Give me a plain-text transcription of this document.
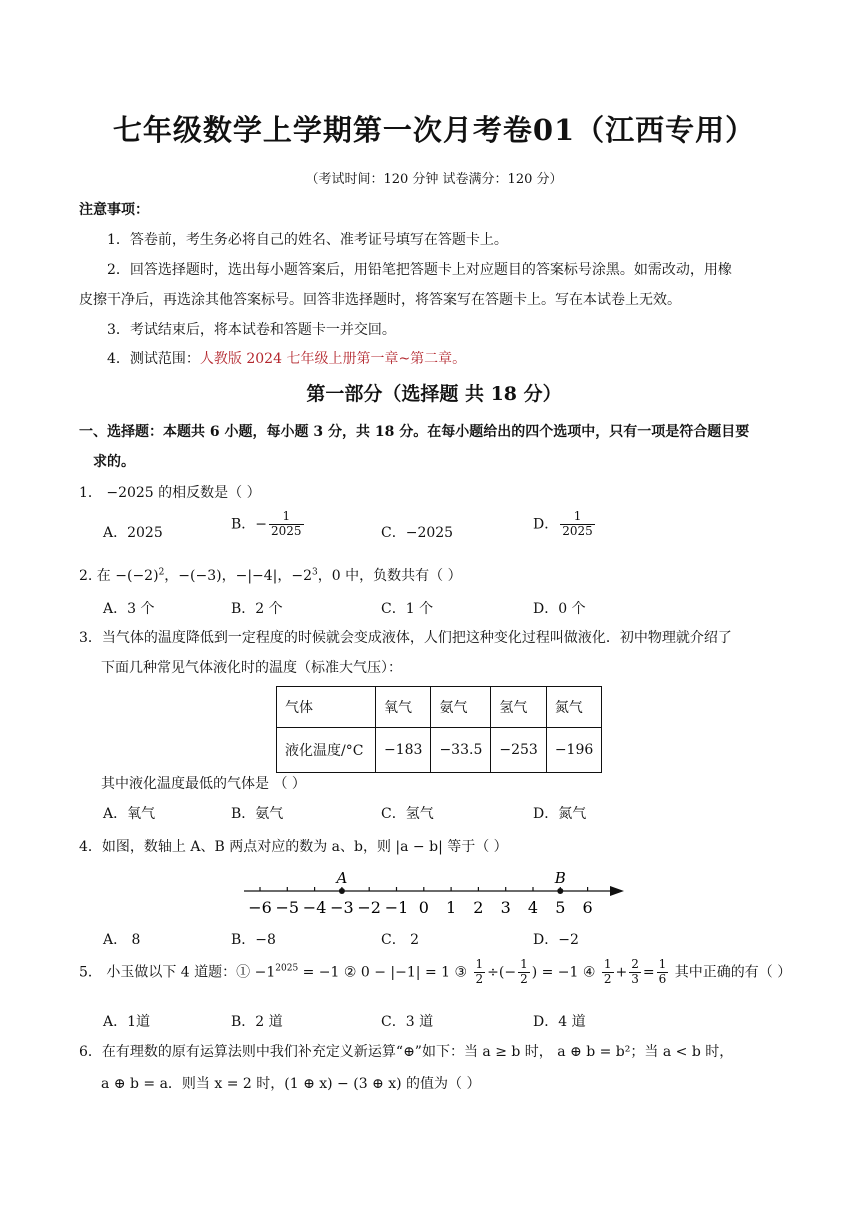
七年级数学上学期第一次月考卷01（江西专用）
（考试时间：120 分钟 试卷满分：120 分）
注意事项：
1．答卷前，考生务必将自己的姓名、准考证号填写在答题卡上。
2．回答选择题时，选出每小题答案后，用铅笔把答题卡上对应题目的答案标号涂黑。如需改动，用橡
皮擦干净后，再选涂其他答案标号。回答非选择题时，将答案写在答题卡上。写在本试卷上无效。
3．考试结束后，将本试卷和答题卡一并交回。
4．测试范围：人教版 2024 七年级上册第一章~第二章。
第一部分（选择题 共 18 分）
一、选择题：本题共 6 小题，每小题 3 分，共 18 分。在每小题给出的四个选项中，只有一项是符合题目要
求的。
1． −2025 的相反数是（ ）
A．2025
B．− $\frac{1}{2025}$	C．−2025
D． $\frac{1}{2025}$
2. 在 $-(-2)^2$，−(−3)，−|−4|，$-2^3$，0 中，负数共有（ ）
A．3 个	B．2 个	C．1 个	D．0 个
3．当气体的温度降低到一定程度的时候就会变成液体，人们把这种变化过程叫做液化．初中物理就介绍了
下面几种常见气体液化时的温度（标准大气压）：
气体	氧气	氨气	氢气	氮气
液化温度/°C	−183	−33.5	−253	−196
其中液化温度最低的气体是 （ ）
A．氧气	B．氨气	C．氢气	D．氮气
4．如图，数轴上 A、B 两点对应的数为 a、b，则 |a − b| 等于（ ）
−6 −5 −4 −3 −2 −1 0 1 2 3 4 5 6
A	B
A． 8	B．−8	C． 2	D．−2
5． 小玉做以下 4 道题：① $-1^{2025} = -1$ ② 0 − |−1| = 1 ③ $\frac{1}{2}$ ÷(− $\frac{1}{2}$ ) = −1 ④ $\frac{1}{2} + \frac{2}{3} = \frac{1}{6}$ 其中正确的有（ ）
A．1道	B．2 道	C．3 道	D．4 道
6．在有理数的原有运算法则中我们补充定义新运算“⊕”如下：当 a ≥ b 时， a ⊕ b = b²；当 a < b 时，
a ⊕ b = a．则当 x = 2 时，(1 ⊕ x) − (3 ⊕ x) 的值为（ ）
